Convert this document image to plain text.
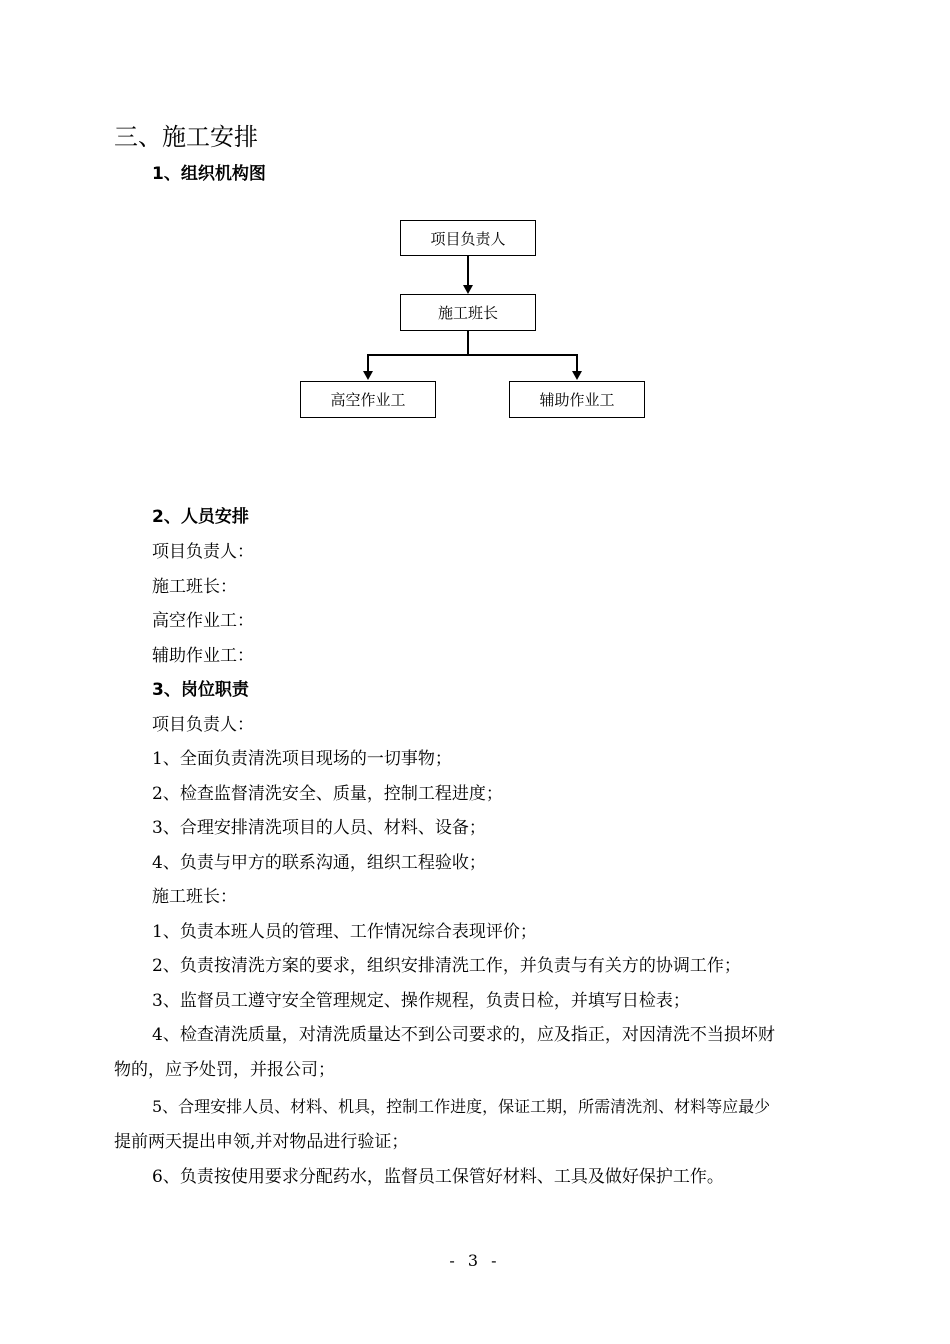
三、施工安排
1、组织机构图
项目负责人
施工班长
高空作业工	辅助作业工
2、人员安排
项目负责人：
施工班长：
高空作业工：
辅助作业工：
3、岗位职责
项目负责人：
1、全面负责清洗项目现场的一切事物；
2、检查监督清洗安全、质量，控制工程进度；
3、合理安排清洗项目的人员、材料、设备；
4、负责与甲方的联系沟通，组织工程验收；
施工班长：
1、负责本班人员的管理、工作情况综合表现评价；
2、负责按清洗方案的要求，组织安排清洗工作，并负责与有关方的协调工作；
3、监督员工遵守安全管理规定、操作规程，负责日检，并填写日检表；
4、检查清洗质量，对清洗质量达不到公司要求的，应及指正，对因清洗不当损坏财
物的，应予处罚，并报公司；
5、合理安排人员、材料、机具，控制工作进度，保证工期，所需清洗剂、材料等应最少
提前两天提出申领,并对物品进行验证；
6、负责按使用要求分配药水，监督员工保管好材料、工具及做好保护工作。
- 3 -
